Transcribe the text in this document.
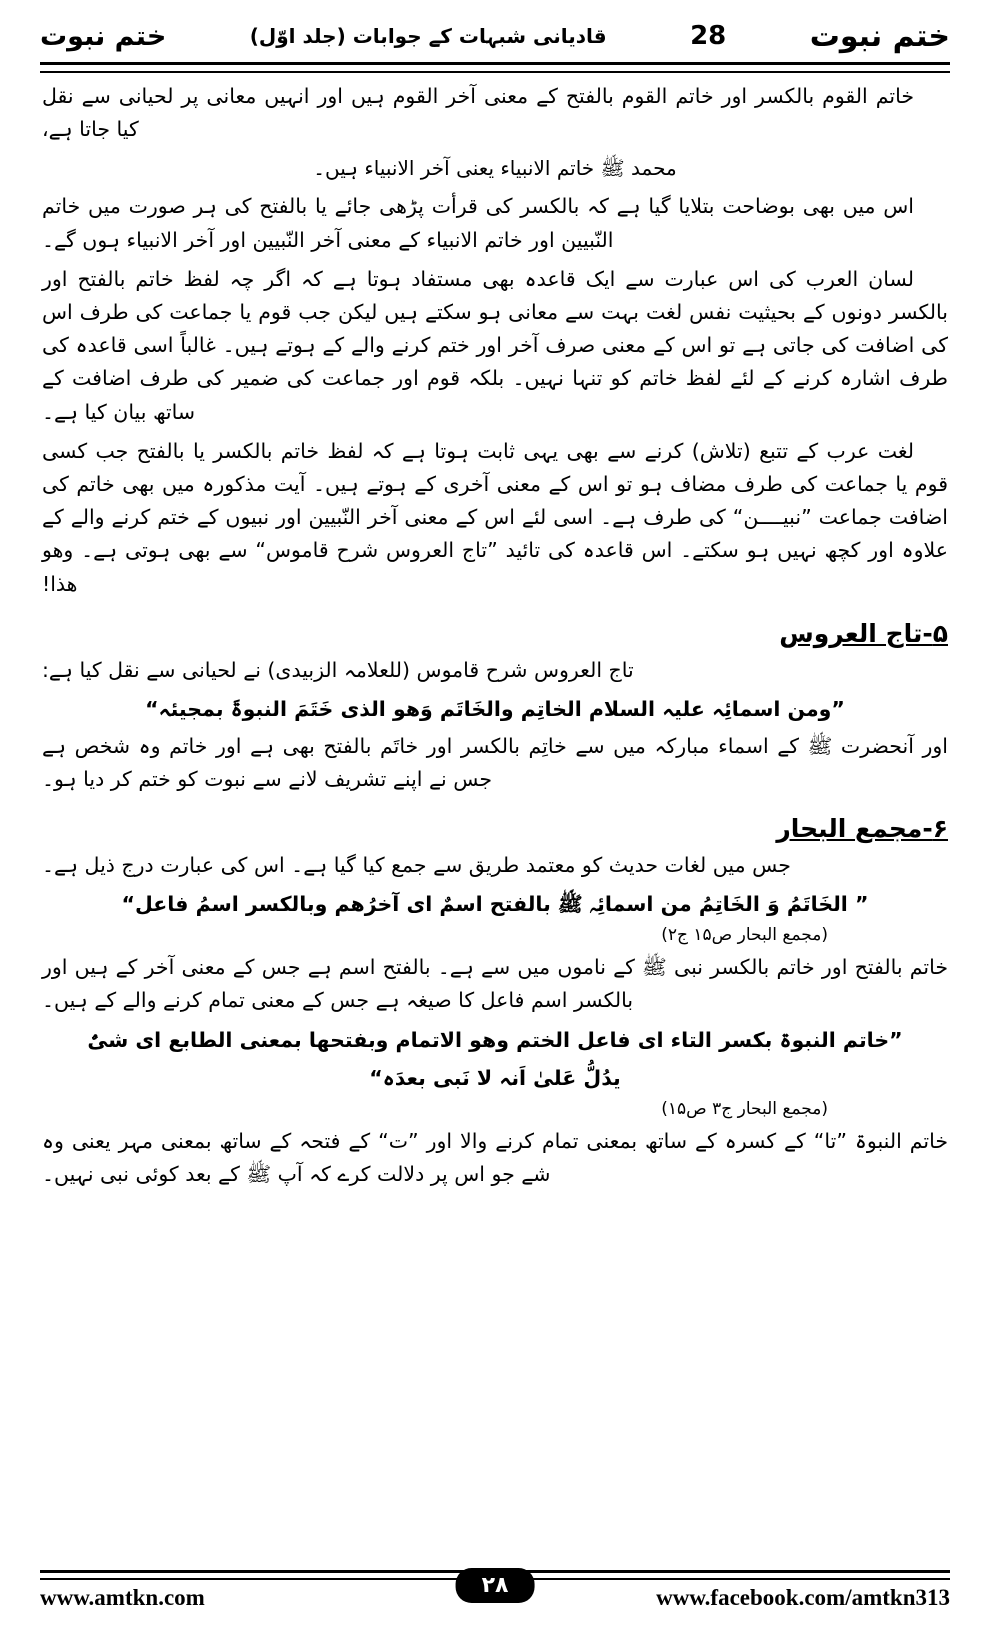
ختم نبوت	قادیانی شبہات کے جوابات (جلد اوّل)	28	ختم نبوت

خاتم القوم بالکسر اور خاتم القوم بالفتح کے معنی آخر القوم ہیں اور انہیں معانی پر لحیانی سے نقل کیا جاتا ہے،

محمد ﷺ خاتم الانبیاء یعنی آخر الانبیاء ہیں۔

اس میں بھی بوضاحت بتلایا گیا ہے کہ بالکسر کی قرأت پڑھی جائے یا بالفتح کی ہر صورت میں خاتم النّبیین اور خاتم الانبیاء کے معنی آخر النّبیین اور آخر الانبیاء ہوں گے۔

لسان العرب کی اس عبارت سے ایک قاعدہ بھی مستفاد ہوتا ہے کہ اگر چہ لفظ خاتم بالفتح اور بالکسر دونوں کے بحیثیت نفس لغت بہت سے معانی ہو سکتے ہیں لیکن جب قوم یا جماعت کی طرف اس کی اضافت کی جاتی ہے تو اس کے معنی صرف آخر اور ختم کرنے والے کے ہوتے ہیں۔ غالباً اسی قاعدہ کی طرف اشارہ کرنے کے لئے لفظ خاتم کو تنہا نہیں۔ بلکہ قوم اور جماعت کی ضمیر کی طرف اضافت کے ساتھ بیان کیا ہے۔

لغت عرب کے تتبع (تلاش) کرنے سے بھی یہی ثابت ہوتا ہے کہ لفظ خاتم بالکسر یا بالفتح جب کسی قوم یا جماعت کی طرف مضاف ہو تو اس کے معنی آخری کے ہوتے ہیں۔ آیت مذکورہ میں بھی خاتم کی اضافت جماعت ”نبیــــن“ کی طرف ہے۔ اسی لئے اس کے معنی آخر النّبیین اور نبیوں کے ختم کرنے والے کے علاوہ اور کچھ نہیں ہو سکتے۔ اس قاعدہ کی تائید ”تاج العروس شرح قاموس“ سے بھی ہوتی ہے۔ وھو ھذا!

۵-تاج العروس

تاج العروس شرح قاموس (للعلامہ الزبیدی) نے لحیانی سے نقل کیا ہے:

”ومن اسمائِہ علیہ السلام الخاتِم والخَاتَم وَھو الذی خَتَمَ النبوۃَ بمجیئہ“

اور آنحضرت ﷺ کے اسماء مبارکہ میں سے خاتِم بالکسر اور خاتَم بالفتح بھی ہے اور خاتم وہ شخص ہے جس نے اپنے تشریف لانے سے نبوت کو ختم کر دیا ہو۔

۶-مجمع البحار

جس میں لغات حدیث کو معتمد طریق سے جمع کیا گیا ہے۔ اس کی عبارت درج ذیل ہے۔

” الخَاتَمُ وَ الخَاتِمُ من اسمائِہ ﷺ بالفتح اسمٌ ای آخرُھم وبالکسر اسمُ فاعل“

(مجمع البحار ص۱۵ ج۲)

خاتم بالفتح اور خاتم بالکسر نبی ﷺ کے ناموں میں سے ہے۔ بالفتح اسم ہے جس کے معنی آخر کے ہیں اور بالکسر اسم فاعل کا صیغہ ہے جس کے معنی تمام کرنے والے کے ہیں۔

”خاتم النبوۃ بکسر التاء ای فاعل الختم وھو الاتمام وبفتحھا بمعنی الطابع ای شیٌٔ

یدُلُّ عَلیٰ اَنہ لا نَبی بعدَہ“

(مجمع البحار ج۳ ص۱۵)

خاتم النبوۃ ”تا“ کے کسرہ کے ساتھ بمعنی تمام کرنے والا اور ”ت“ کے فتحہ کے ساتھ بمعنی مہر یعنی وہ شے جو اس پر دلالت کرے کہ آپ ﷺ کے بعد کوئی نبی نہیں۔

www.amtkn.com	www.facebook.com/amtkn313
۲۸
